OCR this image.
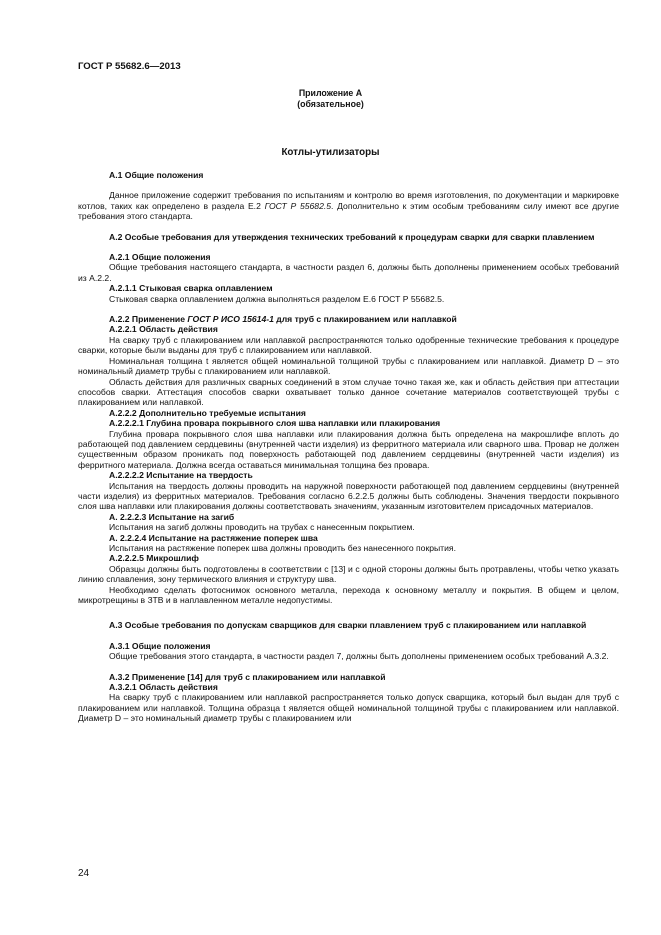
ГОСТ Р 55682.6—2013
Приложение А
(обязательное)
Котлы-утилизаторы

А.1 Общие положения

Данное приложение содержит требования по испытаниям и контролю во время изготовления, по документации и маркировке котлов, таких как определено в раздела Е.2 ГОСТ Р 55682.5. Дополнительно к этим особым требованиям силу имеют все другие требования этого стандарта.

А.2 Особые требования для утверждения технических требований к процедурам сварки для сварки плавлением

А.2.1 Общие положения

Общие требования настоящего стандарта, в частности раздел 6, должны быть дополнены применением особых требований из А.2.2.

А.2.1.1 Стыковая сварка оплавлением

Стыковая сварка оплавлением должна выполняться разделом Е.6 ГОСТ Р 55682.5.

А.2.2 Применение ГОСТ Р ИСО 15614-1 для труб с плакированием или наплавкой

А.2.2.1 Область действия

На сварку труб с плакированием или наплавкой распространяются только одобренные технические требования к процедуре сварки, которые были выданы для труб с плакированием или наплавкой.

Номинальная толщина t является общей номинальной толщиной трубы с плакированием или наплавкой. Диаметр D – это номинальный диаметр трубы с плакированием или наплавкой.

Область действия для различных сварных соединений в этом случае точно такая же, как и область действия при аттестации способов сварки. Аттестация способов сварки охватывает только данное сочетание материалов соответствующей трубы с плакированием или наплавкой.

А.2.2.2 Дополнительно требуемые испытания

А.2.2.2.1 Глубина провара покрывного слоя шва наплавки или плакирования

Глубина провара покрывного слоя шва наплавки или плакирования должна быть определена на макрошлифе вплоть до работающей под давлением сердцевины (внутренней части изделия) из ферритного материала или сварного шва. Провар не должен существенным образом проникать под поверхность работающей под давлением сердцевины (внутренней части изделия) из ферритного материала. Должна всегда оставаться минимальная толщина без провара.

А.2.2.2.2 Испытание на твердость

Испытания на твердость должны проводить на наружной поверхности работающей под давлением сердцевины (внутренней части изделия) из ферритных материалов. Требования согласно 6.2.2.5 должны быть соблюдены. Значения твердости покрывного слоя шва наплавки или плакирования должны соответствовать значениям, указанным изготовителем присадочных материалов.

А. 2.2.2.3 Испытание на загиб

Испытания на загиб должны проводить на трубах с нанесенным покрытием.

А. 2.2.2.4 Испытание на растяжение поперек шва

Испытания на растяжение поперек шва должны проводить без нанесенного покрытия.

А.2.2.2.5 Микрошлиф

Образцы должны быть подготовлены в соответствии с [13] и с одной стороны должны быть протравлены, чтобы четко указать линию сплавления, зону термического влияния и структуру шва.

Необходимо сделать фотоснимок основного металла, перехода к основному металлу и покрытия. В общем и целом, микротрещины в ЗТВ и в наплавленном металле недопустимы.

А.3 Особые требования по допускам сварщиков для сварки плавлением труб с плакированием или наплавкой

А.3.1 Общие положения

Общие требования этого стандарта, в частности раздел 7, должны быть дополнены применением особых требований А.3.2.

А.3.2 Применение [14] для труб с плакированием или наплавкой

А.3.2.1 Область действия

На сварку труб с плакированием или наплавкой распространяется только допуск сварщика, который был выдан для труб с плакированием или наплавкой. Толщина образца t является общей номинальной толщиной трубы с плакированием или наплавкой. Диаметр D – это номинальный диаметр трубы с плакированием или

24
